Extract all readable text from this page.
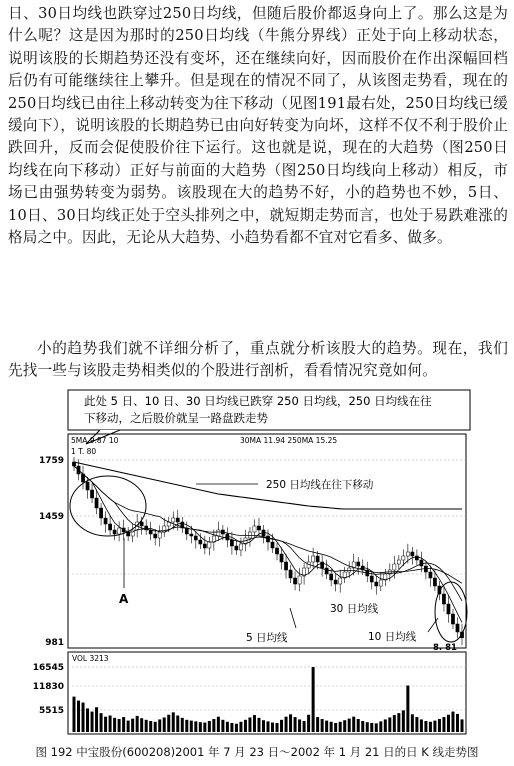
日、30日均线也跌穿过250日均线，但随后股价都返身向上了。那么这是为什么呢？这是因为那时的250日均线（牛熊分界线）正处于向上移动状态，说明该股的长期趋势还没有变坏，还在继续向好，因而股价在作出深幅回档后仍有可能继续往上攀升。但是现在的情况不同了，从该图走势看，现在的250日均线已由往上移动转变为往下移动（见图191最右处，250日均线已缓缓向下），说明该股的长期趋势已由向好转变为向坏，这样不仅不利于股价止跌回升，反而会促使股价往下运行。这也就是说，现在的大趋势（图250日均线在向下移动）正好与前面的大趋势（图250日均线向上移动）相反，市场已由强势转变为弱势。该股现在大的趋势不好，小的趋势也不妙，5日、10日、30日均线正处于空头排列之中，就短期走势而言，也处于易跌难涨的格局之中。因此，无论从大趋势、小趋势看都不宜对它看多、做多。

小的趋势我们就不详细分析了，重点就分析该股大的趋势。现在，我们先找一些与该股走势相类似的个股进行剖析，看看情况究竟如何。

此处 5 日、10 日、30 日均线已跌穿 250 日均线，250 日均线在往
下移动，之后股价就呈一路盘跌走势
5MA 9.87 10	30MA 11.94 250MA 15.25
1 T. 80
1759
1459
981
250 日均线在往下移动
A
5 日均线
30 日均线
10 日均线
8. 81
VOL 3213
16545
11830
5515
图 192 中宝股份(600208)2001 年 7 月 23 日～2002 年 1 月 21 日的日 K 线走势图
